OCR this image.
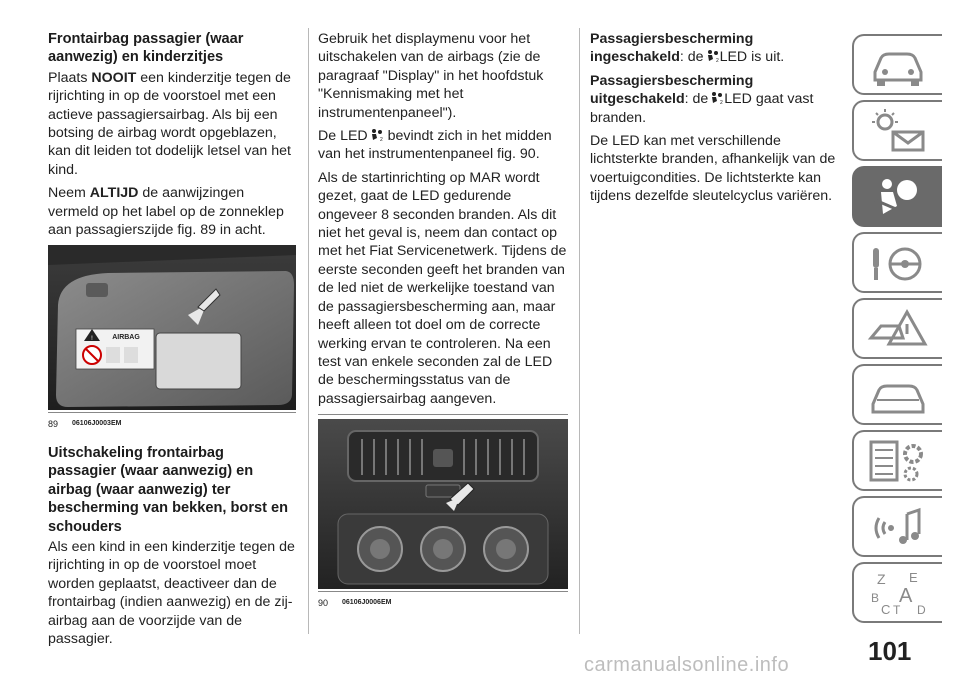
Frontairbag passagier (waar aanwezig) en kinderzitjes

Plaats NOOIT een kinderzitje tegen de rijrichting in op de voorstoel met een actieve passagiersairbag. Als bij een botsing de airbag wordt opgeblazen, kan dit leiden tot dodelijk letsel van het kind.

Neem ALTIJD de aanwijzingen vermeld op het label op de zonneklep aan passagierszijde fig. 89 in acht.

!	AIRBAG
89 06106J0003EM
Uitschakeling frontairbag passagier (waar aanwezig) en airbag (waar aanwezig) ter bescherming van bekken, borst en schouders

Als een kind in een kinderzitje tegen de rijrichting in op de voorstoel moet worden geplaatst, deactiveer dan de frontairbag (indien aanwezig) en de zij-airbag aan de voorzijde van de passagier.

Gebruik het displaymenu voor het uitschakelen van de airbags (zie de paragraaf "Display" in het hoofdstuk "Kennismaking met het instrumentenpaneel").

De LED 2 bevindt zich in het midden van het instrumentenpaneel fig. 90.

Als de startinrichting op MAR wordt gezet, gaat de LED gedurende ongeveer 8 seconden branden. Als dit niet het geval is, neem dan contact op met het Fiat Servicenetwerk. Tijdens de eerste seconden geeft het branden van de led niet de werkelijke toestand van de passagiersbescherming aan, maar heeft alleen tot doel om de correcte werking ervan te controleren. Na een test van enkele seconden zal de LED de beschermingsstatus van de passagiersairbag aangeven.

90 06106J0006EM

Passagiersbescherming ingeschakeld: de 2 LED is uit.

Passagiersbescherming uitgeschakeld: de 2 LED gaat vast branden.

De LED kan met verschillende lichtsterkte branden, afhankelijk van de voertuigcondities. De lichtsterkte kan tijdens dezelfde sleutelcyclus variëren.

Z E
A
B
C T D
101
carmanualsonline.info
